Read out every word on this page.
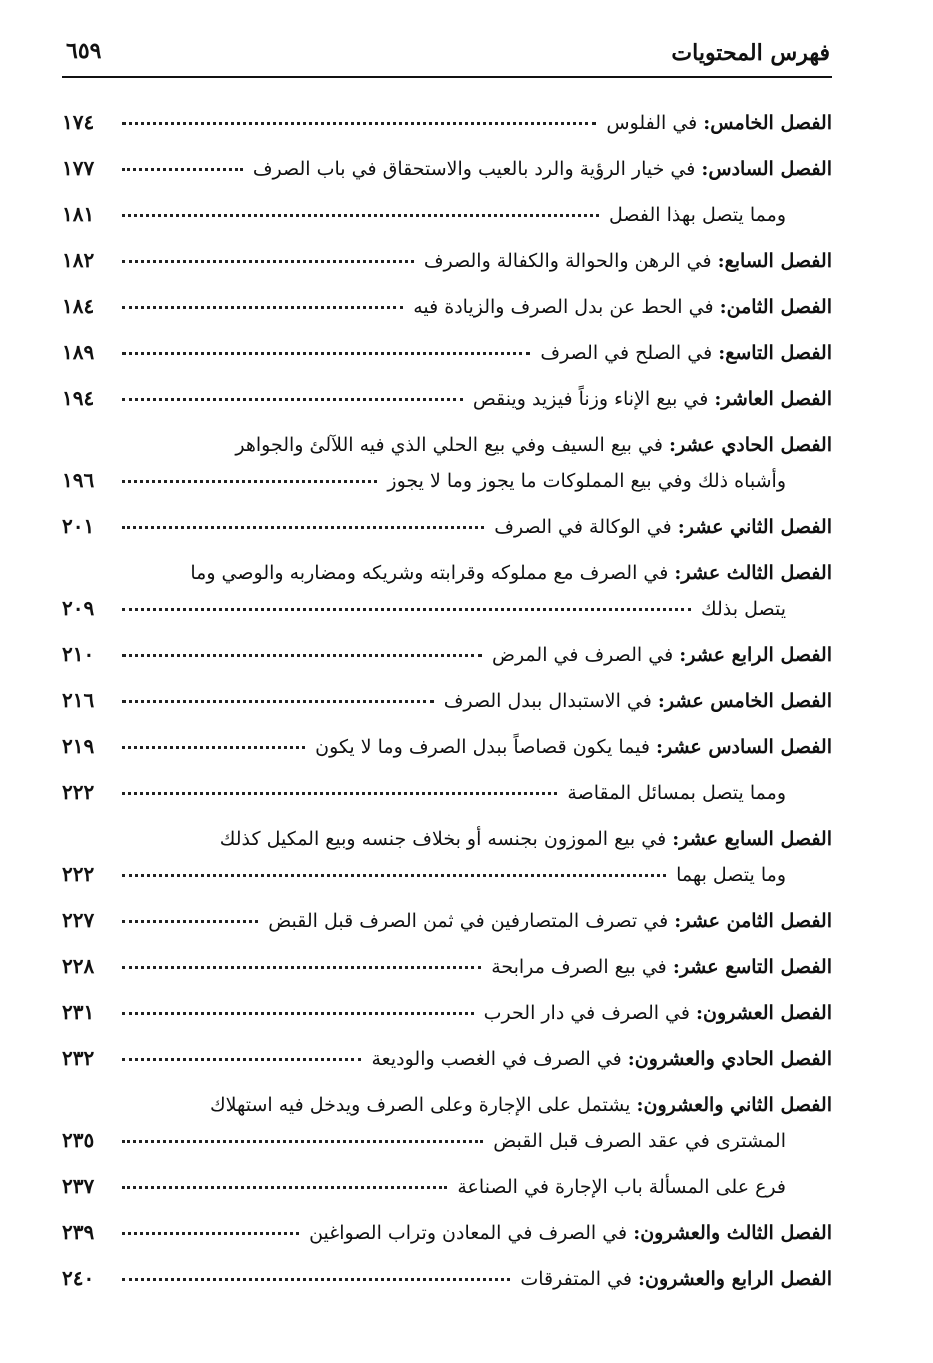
فهرس المحتويات
٦٥٩
١٧٤	الفصل الخامس: في الفلوس
١٧٧	الفصل السادس: في خيار الرؤية والرد بالعيب والاستحقاق في باب الصرف
١٨١	ومما يتصل بهذا الفصل
١٨٢	الفصل السابع: في الرهن والحوالة والكفالة والصرف
١٨٤	الفصل الثامن: في الحط عن بدل الصرف والزيادة فيه
١٨٩	الفصل التاسع: في الصلح في الصرف
١٩٤	الفصل العاشر: في بيع الإناء وزناً فيزيد وينقص
الفصل الحادي عشر: في بيع السيف وفي بيع الحلي الذي فيه اللآلئ والجواهر
١٩٦	وأشباه ذلك وفي بيع المملوكات ما يجوز وما لا يجوز
٢٠١	الفصل الثاني عشر: في الوكالة في الصرف
الفصل الثالث عشر: في الصرف مع مملوكه وقرابته وشريكه ومضاربه والوصي وما
٢٠٩	يتصل بذلك
٢١٠	الفصل الرابع عشر: في الصرف في المرض
٢١٦	الفصل الخامس عشر: في الاستبدال ببدل الصرف
٢١٩	الفصل السادس عشر: فيما يكون قصاصاً ببدل الصرف وما لا يكون
٢٢٢	ومما يتصل بمسائل المقاصة
الفصل السابع عشر: في بيع الموزون بجنسه أو بخلاف جنسه وبيع المكيل كذلك
٢٢٢	وما يتصل بهما
٢٢٧	الفصل الثامن عشر: في تصرف المتصارفين في ثمن الصرف قبل القبض
٢٢٨	الفصل التاسع عشر: في بيع الصرف مرابحة
٢٣١	الفصل العشرون: في الصرف في دار الحرب
٢٣٢	الفصل الحادي والعشرون: في الصرف في الغصب والوديعة
الفصل الثاني والعشرون: يشتمل على الإجارة وعلى الصرف ويدخل فيه استهلاك
٢٣٥	المشترى في عقد الصرف قبل القبض
٢٣٧	فرع على المسألة باب الإجارة في الصناعة
٢٣٩	الفصل الثالث والعشرون: في الصرف في المعادن وتراب الصواغين
٢٤٠	الفصل الرابع والعشرون: في المتفرقات
